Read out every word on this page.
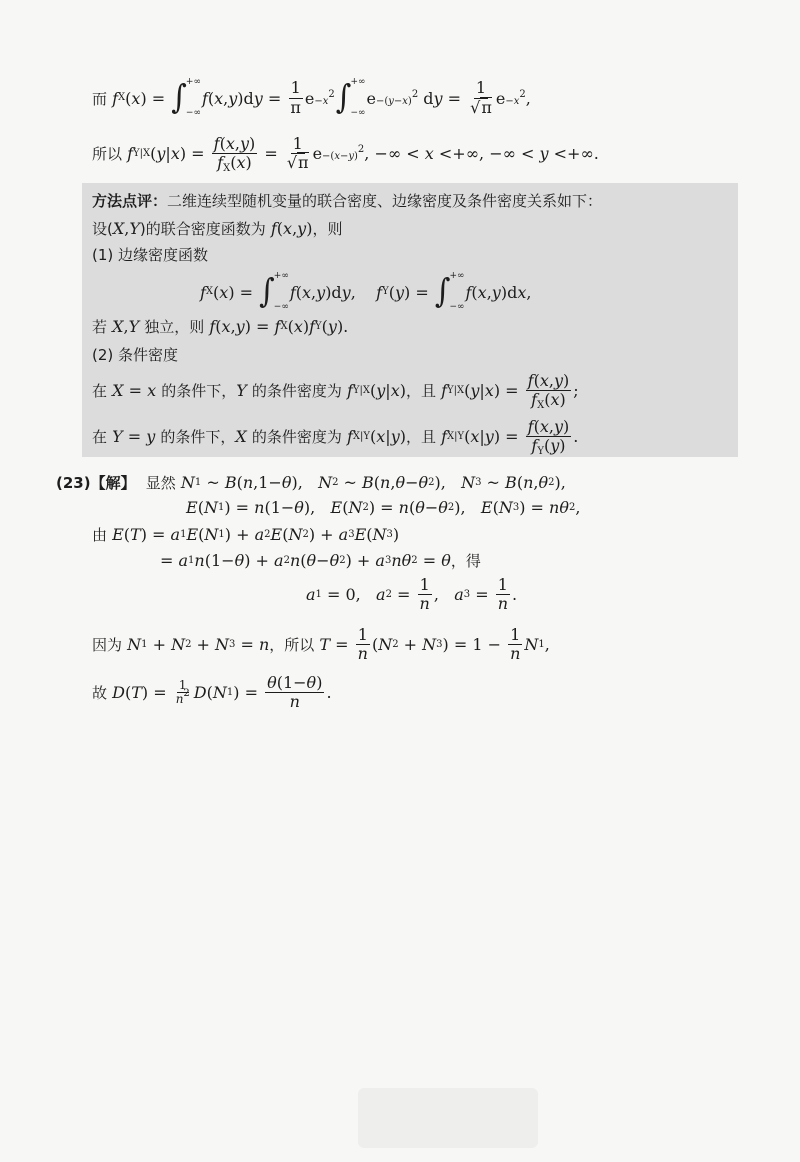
而
f X ( x ) = ∫ +∞
−∞
f ( x , y )d y =
1
π $e -x^2$ ∫ +∞
−∞
$e -(y-x)^2$ d y =
1
√π $e -x^2$ ,
所以
f Y|X ( y | x ) =
f(x,y)
$f_X(x)$ =
1
√π $e -(x-y)^2$ , −∞ < x <+∞, −∞ < y <+∞.
方法点评 ： 二维连续型随机变量的联合密度、边缘密度及条件密度关系如下：
设( X , Y )的联合密度函数为
f ( x , y ) ，则
(1) 边缘密度函数
f X ( x ) = ∫ +∞
−∞
f ( x , y )d y , f Y ( y ) = ∫ +∞
−∞
f ( x , y )d x ,
若
X , Y
独立，则
f ( x , y ) = f X ( x ) f Y ( y ).
(2) 条件密度
在
X = x
的条件下， Y
的条件密度为
f Y|X ( y | x ) ，且
f Y|X ( y | x ) =
f(x,y)
$f_X(x)$ ;
在
Y = y
的条件下， X
的条件密度为
f X|Y ( x | y ) ，且
f X|Y ( x | y ) =
f(x,y)
$f_Y(y)$ .
(23)【解】
显然
N 1 ~ B ( n ,1− θ ), N 2 ~ B ( n , θ − θ 2 ), N 3 ~ B ( n , θ 2 ),
E ( N 1 ) = n (1− θ ), E ( N 2 ) = n ( θ − θ 2 ), E ( N 3 ) = nθ 2 ,
由
E ( T ) = a 1 E ( N 1 ) + a 2 E ( N 2 ) + a 3 E ( N 3 )
= a 1 n (1− θ ) + a 2 n ( θ − θ 2 ) + a 3 nθ 2 = θ ，得
a 1 = 0, a 2 =
1
n , a 3 =
1
n .
因为
N 1 + N 2 + N 3 = n ，所以
T =
1
n ( N 2 + N 3 ) = 1 −
1
n N 1 ,
故
D ( T ) = 1
$n^2$ D ( N 1 ) =
θ(1−θ)
n .
